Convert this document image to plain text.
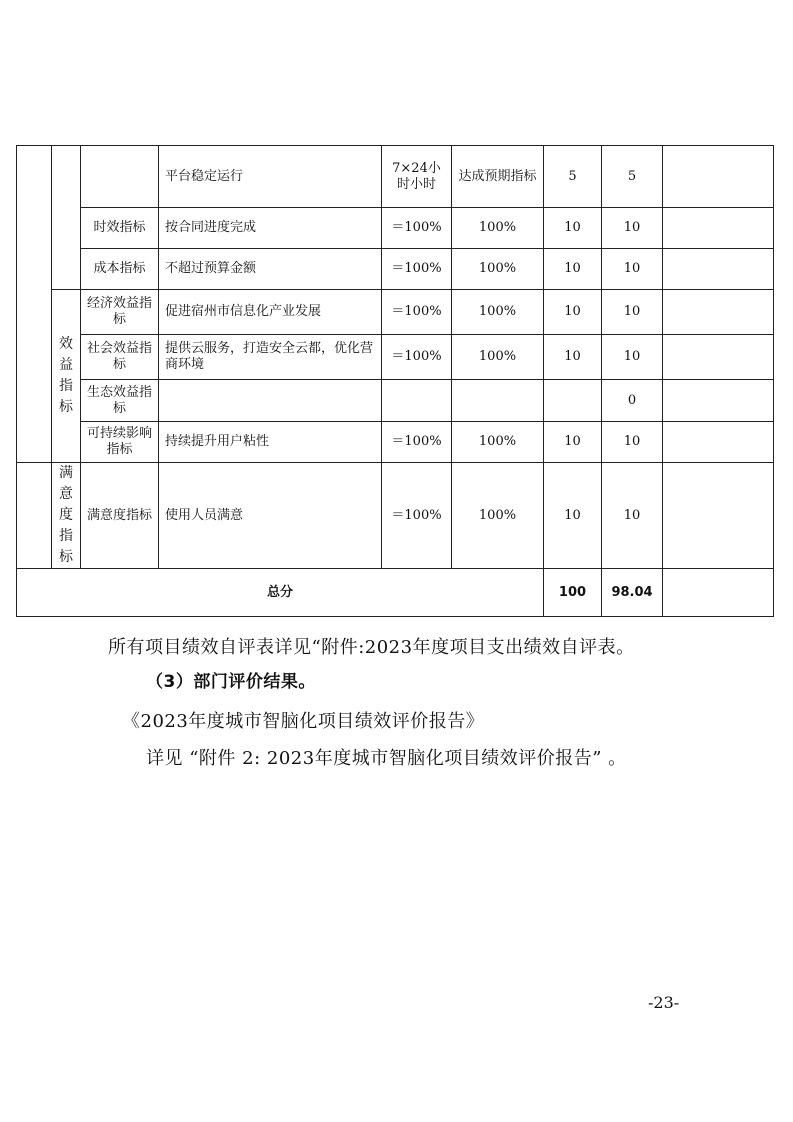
			平台稳定运行	7×24小时小时	达成预期指标	5	5	
		时效指标	按合同进度完成	＝100%	100%	10	10	
		成本指标	不超过预算金额	＝100%	100%	10	10	
	效益指标	经济效益指标	促进宿州市信息化产业发展	＝100%	100%	10	10	
		社会效益指标	提供云服务，打造安全云都，优化营商环境	＝100%	100%	10	10	
		生态效益指标					0	
		可持续影响指标	持续提升用户粘性	＝100%	100%	10	10	
	满意度指标	满意度指标	使用人员满意	＝100%	100%	10	10	
总分						100	98.04	
所有项目绩效自评表详见“附件:2023年度项目支出绩效自评表。
（3）部门评价结果。
《2023年度城市智脑化项目绩效评价报告》
详见 “附件 2: 2023年度城市智脑化项目绩效评价报告” 。
-23-
